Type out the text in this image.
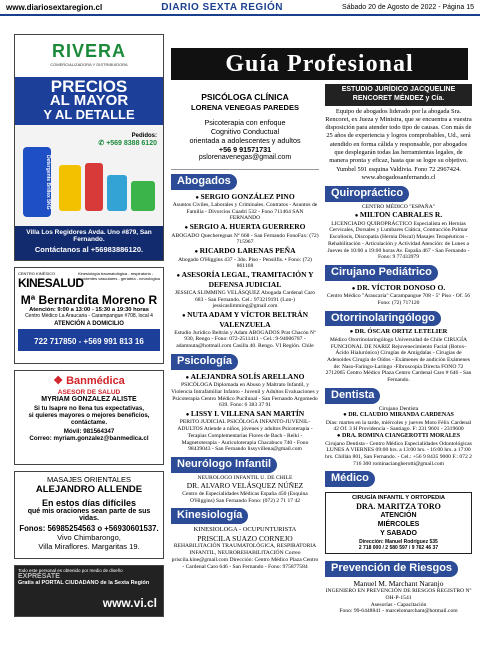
www.diariosextaregion.cl	DIARIO SEXTA REGIÓN	Sábado 20 de Agosto de 2022 - Página 15
RIVERA
COMERCIALIZADORA Y DISTRIBUIDORA
PRECIOS
AL MAYOR
Y AL DETALLE
Pedidos:
✆ +569 8388 6120
Detergente Brillex 5KG
Villa Los Regidores Avda. Uno #879, San Fernando.
Contáctanos al +56983886120.
CENTRO KINÉSICO
KINESALUD
Kinesiología traumatológica - respiratoria - accidentes vasculares - geriatría - neurológica
Mª Bernardita Moreno R
Atención: 9:00 a 13:00 - 15:30 a 19:30 horas
Centro Médico La Araucaria - Carampangue #708, local 4
ATENCIÓN A DOMICILIO
722 717850 - +569 991 813 16
❖ Banmédica
ASESOR DE SALUD
MYRIAM GONZALEZ ALISTE
Si tu Isapre no llena tus expectativas,
si quieres mayores o mejores beneficios,
contáctame.
Móvil: 981564347
Correo: myriam.gonzalez@banmedica.cl
MASAJES ORIENTALES
ALEJANDRO ALLENDE
En estos días difíciles
qué mis oraciones sean parte de sus vidas.
Fonos: 56985254563 o +56930601537.
Vivo Chimbarongo,
Villa Miraflores. Margaritas 19.
Todo este personal es obtenido por medio de diseño
EXPRESATE
Gratis al PORTAL CIUDADANO de la Sexta Región
www.vi.cl
Guía Profesional
PSICÓLOGA CLÍNICA
LORENA VENEGAS PAREDES
Psicoterapia con enfoque
Cognitivo Conductual
orientada a adolescentes y adultos
+56 9 91571731
pslorenavenegas@gmail.com
Abogados
● SERGIO GONZÁLEZ PINO
Asuntos Civiles, Laborales y Criminales. Contratos - Asuntos de Familia - Divorcios Cuadri 532 - Fono 711464 SAN FERNANDO
● SERGIO A. HUERTA GUERRERO
ABOGADO Quechereguas Nº 668 - San Fernando FonoFax: (72) 715967
● RICARDO LARENAS PEÑA
Abogado O'Higgins 437 - 3do. Piso - Pensilfis. • Fono: (72) 861168
● ASESORÍA LEGAL, TRAMITACIÓN Y DEFENSA JUDICIAL
JESSICA SLIMMING VELÁSQUEZ Abogada Cardenal Caro 683 - San Fernando. Cel.: 973219191 (Lun-) jessicaslimming@gmail.com
● NUTA ADAM Y VÍCTOR BELTRÁN VALENZUELA
Estudio Jurídico Beltrán y Adam ABOGADOS Prat Chacón Nº 930, Rengo - Fono: 072-2511411 - Cel.: 9-94006787 - adamnuta@hotmail.com Casilla 40. Rengo. VI Región. Chile
Psicología
● ALEJANDRA SOLÍS ARELLANO
PSICÓLOGA Diplomada en Abuso y Maltrato Infantil, y Violencia Intrafamiliar Infanto - Juvenil y Adultos Evaluaciones y Psicoterapia Centro Médico Pucilunal - San Fernando Argomedo 639. Fono: 6 383 37 91
● LISSY I. VILLENA SAN MARTÍN
PERITO JUDICIAL PSICÓLOGA INFANTO-JUVENIL-ADULTOS Atiende a niños, jóvenes y adultos Psicoterapia - Terapias Complementarias Flores de Bach - Reiki - Magnetoterapia - Auriculoterapia Chacabuco 740 - Fono 98439043 - San Fernando lissyvillena@gmail.com
Neurólogo Infantil
NEUROLOGO INFANTIL U. DE CHILE
DR. ALVARO VELÁSQUEZ NÚÑEZ
Centro de Especialidades Médicas España 450 (Esquina O'Higgins) San Fernando Fono: (072) 2 71 17 42
Kinesiología
KINESIOLOGA - OCUPUNTURISTA
PRISCILA SUAZO CORNEJO
REHABILITACIÓN TRAUMATOLÓGICA, RESPIRATORIA INFANTIL, NEUROREHABILITACIÓN Correo priscila.kine@gmail.com Dirección: Centro Médico Plaza Centro - Cardenal Caro 646 - San Fernando - Fono: 975877584
ESTUDIO JURÍDICO JACQUELINE RENCORET MÉNDEZ y Cía.
Equipo de abogados liderado por la abogada Sra. Rencoret, ex Jueza y Ministra, que se encuentra a vuestra disposición para atender todo tipo de causas. Con más de 25 años de experiencia y logros comprobables, Ud., será atendido en forma cálida y responsable, por abogados que desplegarán todas las herramientas legales, de manera pronta y eficaz, hasta que se logre su objetivo.
Yumbel 591 esquina Valdivia. Fono 72 2967424.
www.abogadosanfernando.cl
Quiropráctico
CENTRO MÉDICO "ESPAÑA"
● MILTON CABRALES R.
LICENCIADO QUIROPRÁCTICO Especialista en Hernias Cervicales, Dorsales y Lumbares Ciática, Contracción Palmar Escoliosis, Discopatía (Hernia Discal) Masajes Terapéuticos - Rehabilitación - Articulación y Actividad Atención: de Lunes a Jueves de 10:00 a 19:00 horas Av. España 467 - San Fernando - Fono: 9 77433979
Cirujano Pediátrico
● DR. VÍCTOR DONOSO O.
Centro Médico "Araucaria" Carampangue 708 - 5º Piso - Of. 56 Fono: (72) 717120
Otorrinolaringólogo
● DR. ÓSCAR ORTIZ LETELIER
Médico Otorrinolaringólogo Universidad de Chile CIRUGÍA FUNCIONAL DE NARIZ Rejuvenecimiento Facial (Botox-Ácido Hialurónico) Cirugías de Amígdalas - Cirugías de Adenoides Cirugía de Oídos - Exámenes de audición Exámenes de: Naso-Faringo-Laringo -Fibroscopía Directa FONO 72 2712065 Centro Médico Plaza Centro Cardenal Caro # 646 - San Fernando.
Dentista
Cirujano Dentista
● DR. CLAUDIO MIRANDA CARDENAS
Días: martes en la tarde, miércoles y jueves Moto Félix Cardenal 42 Of. 3 H Providencia - Santiago. F: 231 9601 - 2319600
● DRA. ROMINA CIANGEROTTI MORALES
Cirujano Dentista - Centro Médico Especialidades Odontológicas LUNES A VIERNES 09:00 hrs. a 13:00 hrs. - 16:00 hrs. a 17:00 hrs. Chillán 801, San Fernando. - Cel.: +56 9 8435 9000 F.: 072 2 716 300 rominaciangherotti@gmail.com
Médico
CIRUGÍA INFANTIL Y ORTOPEDIA
DRA. MARITZA TORO
ATENCIÓN
MIÉRCOLES
Y SABADO
Dirección: Manuel Rodríguez 535
2 718 000 / 2 580 597 / 9 762 46 37
Prevención de Riesgos
Manuel M. Marchant Naranjo
INGENIERO EN PREVENCIÓN DE RIESGOS REGISTRO Nº OH-P-1541
Asesorías - Capacitación
Fono: 99-6448841 - marcelomarchant@hotmail.com
